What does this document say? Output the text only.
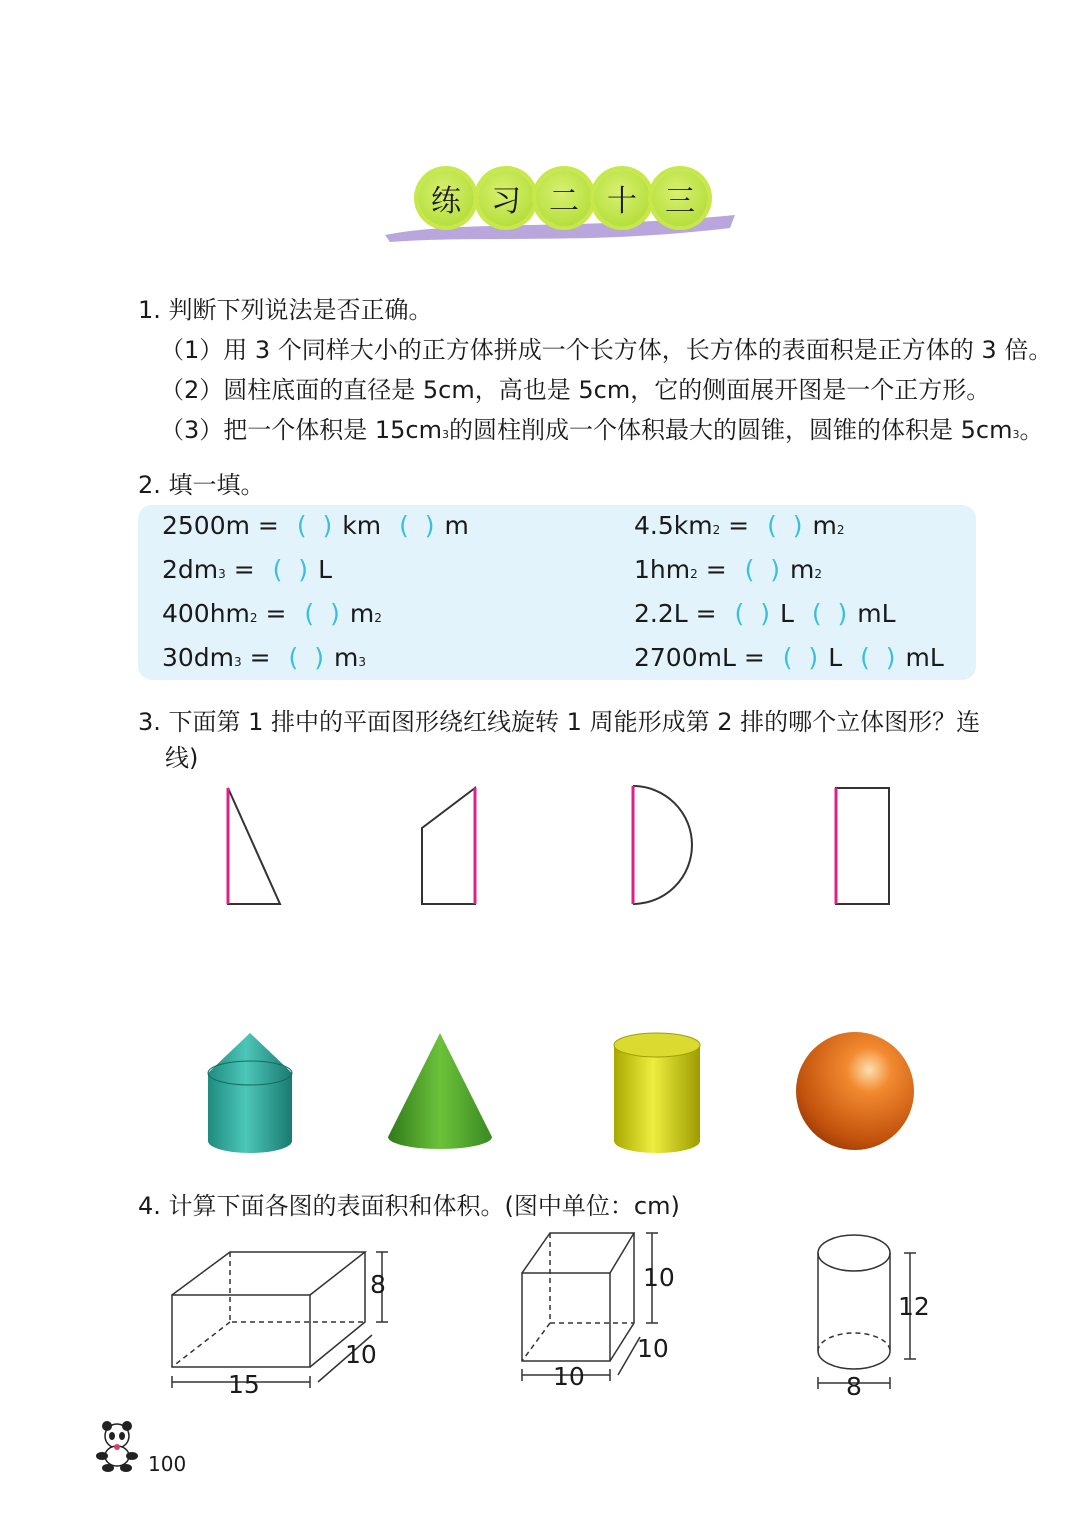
练	习 二 十 三
1. 判断下列说法是否正确。
（1）用 3 个同样大小的正方体拼成一个长方体，长方体的表面积是正方体的 3 倍。
（2）圆柱底面的直径是 5cm，高也是 5cm，它的侧面展开图是一个正方形。
（3）把一个体积是 15cm3的圆柱削成一个体积最大的圆锥，圆锥的体积是 5cm3。
2. 填一填。
2500m = ( ) km ( ) m
2dm3 = ( ) L
400hm2 = ( ) m2
30dm3 = ( ) m3
4.5km2 = ( ) m2
1hm2 = ( ) m2
2.2L = ( ) L ( ) mL
2700mL = ( ) L ( ) mL
3. 下面第 1 排中的平面图形绕红线旋转 1 周能形成第 2 排的哪个立体图形？连
线)
4. 计算下面各图的表面积和体积。(图中单位：cm)
8
15
10
10
10
10
12
8
100
